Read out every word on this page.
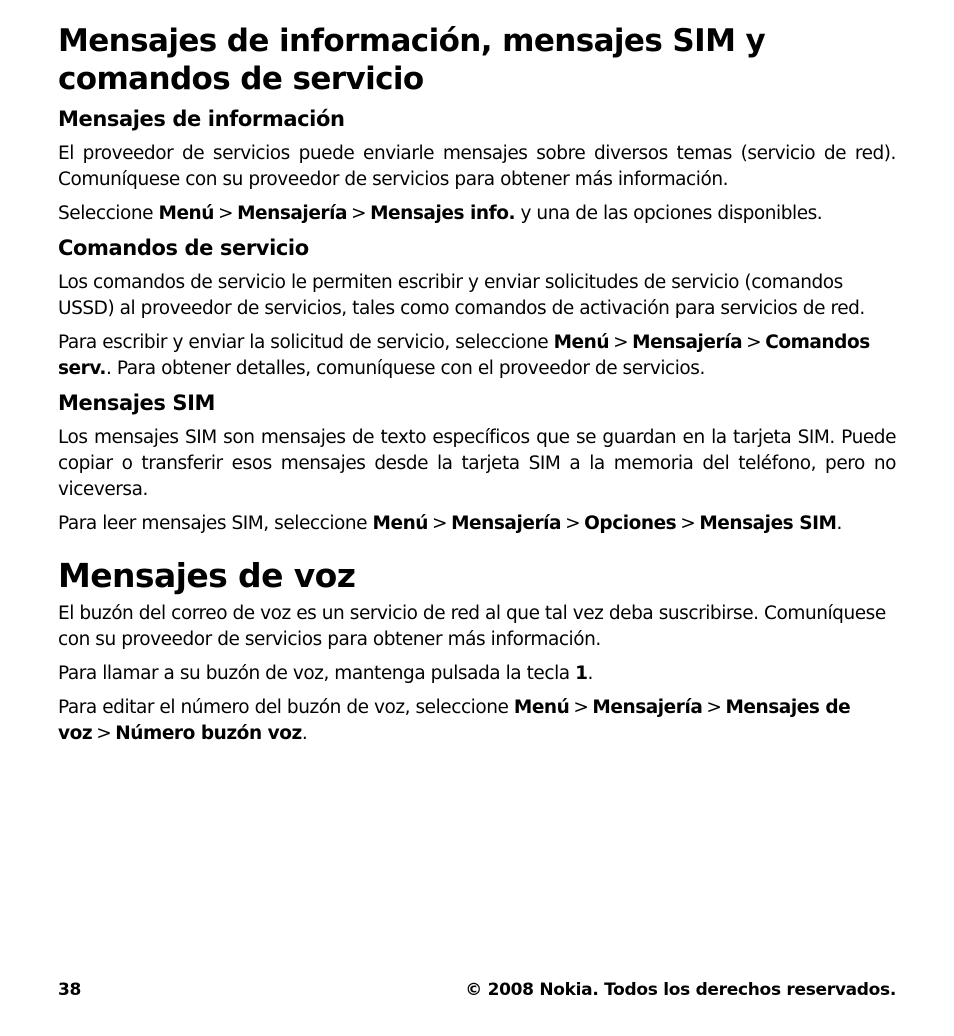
Mensajes de información, mensajes SIM y comandos de servicio
Mensajes de información

El proveedor de servicios puede enviarle mensajes sobre diversos temas (servicio de red). Comuníquese con su proveedor de servicios para obtener más información.

Seleccione Menú > Mensajería > Mensajes info. y una de las opciones disponibles.

Comandos de servicio

Los comandos de servicio le permiten escribir y enviar solicitudes de servicio (comandos USSD) al proveedor de servicios, tales como comandos de activación para servicios de red.

Para escribir y enviar la solicitud de servicio, seleccione Menú > Mensajería > Comandos serv.. Para obtener detalles, comuníquese con el proveedor de servicios.

Mensajes SIM

Los mensajes SIM son mensajes de texto específicos que se guardan en la tarjeta SIM. Puede copiar o transferir esos mensajes desde la tarjeta SIM a la memoria del teléfono, pero no viceversa.

Para leer mensajes SIM, seleccione Menú > Mensajería > Opciones > Mensajes SIM.

Mensajes de voz

El buzón del correo de voz es un servicio de red al que tal vez deba suscribirse. Comuníquese con su proveedor de servicios para obtener más información.

Para llamar a su buzón de voz, mantenga pulsada la tecla 1.

Para editar el número del buzón de voz, seleccione Menú > Mensajería > Mensajes de voz > Número buzón voz.

38	© 2008 Nokia. Todos los derechos reservados.
